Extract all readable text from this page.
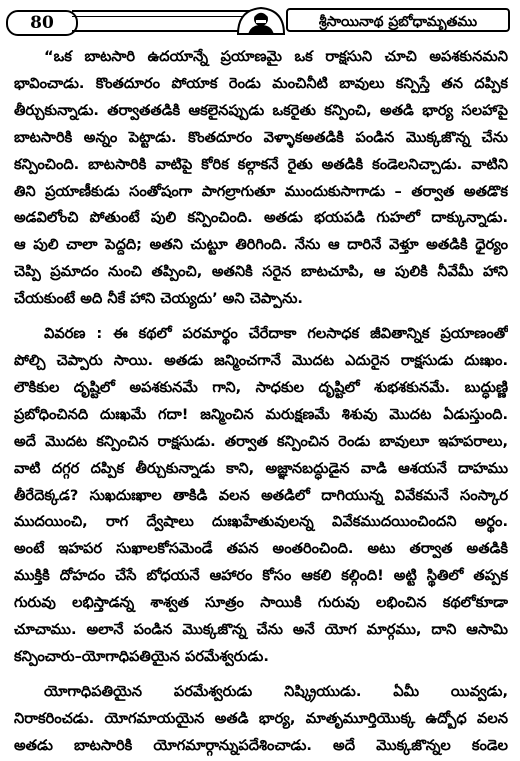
80	శ్రీసాయినాథ ప్రబోధామృతము
“ఒక బాటసారి ఉదయాన్నే ప్రయాణమై ఒక రాక్షసుని చూచి అపశకునమని
భావించాడు. కొంతదూరం పోయాక రెండు మంచినీటి బావులు కన్పిస్తే తన దప్పిక
తీర్చుకున్నాడు. తర్వాతతడికి ఆకలైనప్పుడు ఒకరైతు కన్పించి, అతడి భార్య సలహాపై
బాటసారికి అన్నం పెట్టాడు. కొంతదూరం వెళ్ళాకఅతడికి పండిన మొక్కజొన్న చేను
కన్పించింది. బాటసారికి వాటిపై కోరిక కల్గాకనే రైతు అతడికి కండెలనిచ్చాడు. వాటిని
తిని ప్రయాణీకుడు సంతోషంగా పాగల్రాగుతూ ముందుకుసాగాడు – తర్వాత అతడొక
అడవిలోంచి పోతుంటే పులి కన్పించింది. అతడు భయపడి గుహలో దాక్కున్నాడు.
ఆ పులి చాలా పెద్దది; అతని చుట్టూ తిరిగింది. నేను ఆ దారినే వెళ్తూ అతడికి ధైర్యం
చెప్పి ప్రమాదం నుంచి తప్పించి, అతనికి సరైన బాటచూపి, ఆ పులికి నీవేమీ హాని
చేయకుంటే అది నీకే హాని చెయ్యదు’ అని చెప్పాను.
వివరణ : ఈ కథలో పరమార్థం చేరేదాకా గలసాధక జీవితాన్నిక ప్రయాణంతో
పోల్చి చెప్పారు సాయి. అతడు జన్మించగానే మొదట ఎదురైన రాక్షసుడు దుఃఖం.
లౌకికుల దృష్టిలో అపశకునమే గాని, సాధకుల దృష్టిలో శుభశకునమే. బుద్ధుణ్ణి
ప్రబోధించినది దుఃఖమే గదా! జన్మించిన మరుక్షణమే శిశువు మొదట ఏడుస్తుంది.
అదే మొదట కన్పించిన రాక్షసుడు. తర్వాత కన్పించిన రెండు బావులూ ఇహపరాలు,
వాటి దగ్గర దప్పిక తీర్చుకున్నాడు కాని, అజ్ఞానబద్ధుడైన వాడి ఆశయనే దాహము
తీరేదెక్కడ? సుఖదుఃఖాల తాకిడి వలన అతడిలో దాగియున్న వివేకమనే సంస్కార
ముదయించి, రాగ ద్వేషాలు దుఃఖహేతువులన్న వివేకముదయించిందని అర్థం.
అంటే ఇహపర సుఖాలకోసమెండే తపన అంతరించింది. అటు తర్వాత అతడికి
ముక్తికి దోహదం చేసే బోధయనే ఆహారం కోసం ఆకలి కల్గింది! అట్టి స్థితిలో తప్పక
గురువు లభిస్తాడన్న శాశ్వత సూత్రం సాయికి గురువు లభించిన కథలోకూడా
చూచాము. అలానే పండిన మొక్కజొన్న చేను అనే యోగ మార్గము, దాని ఆసామి
కన్పించారు–యోగాధిపతియైన పరమేశ్వరుడు.
యోగాధిపతియైన పరమేశ్వరుడు నిష్క్రియుడు. ఏమీ యివ్వడు,
నిరాకరించడు. యోగమాయయైన అతడి భార్య, మాతృమూర్తియొక్క ఉద్బోధ వలన
అతడు బాటసారికి యోగమార్గాన్నుపదేశించాడు. అదే మొక్కజొన్నల కండెల
